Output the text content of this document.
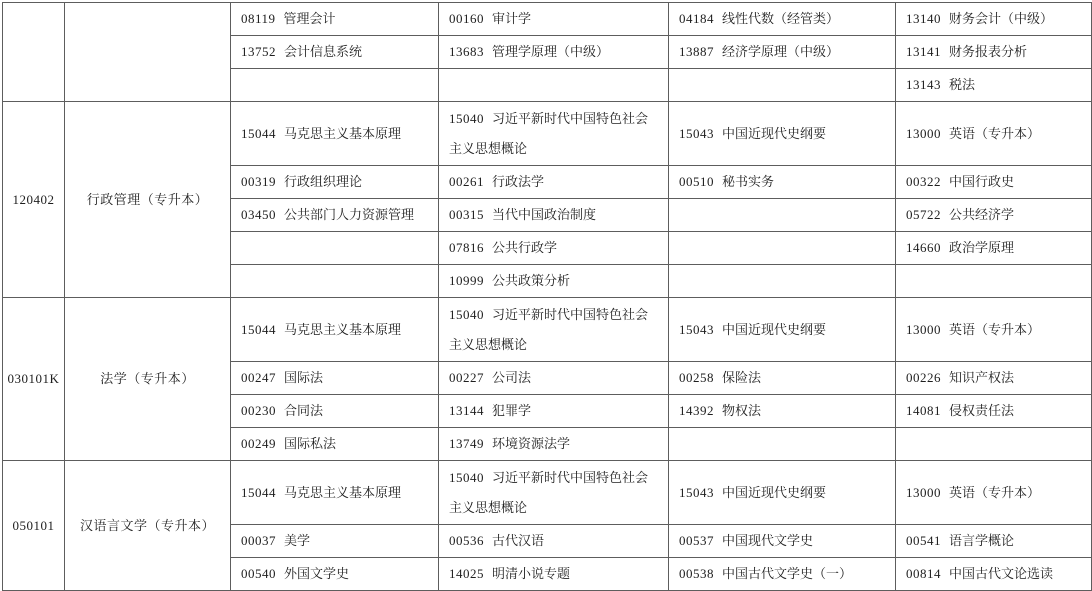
		08119 管理会计	00160 审计学	04184 线性代数（经管类）	13140 财务会计（中级）
		13752 会计信息系统	13683 管理学原理（中级）	13887 经济学原理（中级）	13141 财务报表分析
					13143 税法
120402	行政管理（专升本）	15044 马克思主义基本原理	15040 习近平新时代中国特色社会主义思想概论	15043 中国近现代史纲要	13000 英语（专升本）
		00319 行政组织理论	00261 行政法学	00510 秘书实务	00322 中国行政史
		03450 公共部门人力资源管理	00315 当代中国政治制度		05722 公共经济学
			07816 公共行政学		14660 政治学原理
			10999 公共政策分析		
030101K	法学（专升本）	15044 马克思主义基本原理	15040 习近平新时代中国特色社会主义思想概论	15043 中国近现代史纲要	13000 英语（专升本）
		00247 国际法	00227 公司法	00258 保险法	00226 知识产权法
		00230 合同法	13144 犯罪学	14392 物权法	14081 侵权责任法
		00249 国际私法	13749 环境资源法学		
050101	汉语言文学（专升本）	15044 马克思主义基本原理	15040 习近平新时代中国特色社会主义思想概论	15043 中国近现代史纲要	13000 英语（专升本）
		00037 美学	00536 古代汉语	00537 中国现代文学史	00541 语言学概论
		00540 外国文学史	14025 明清小说专题	00538 中国古代文学史（一）	00814 中国古代文论选读
